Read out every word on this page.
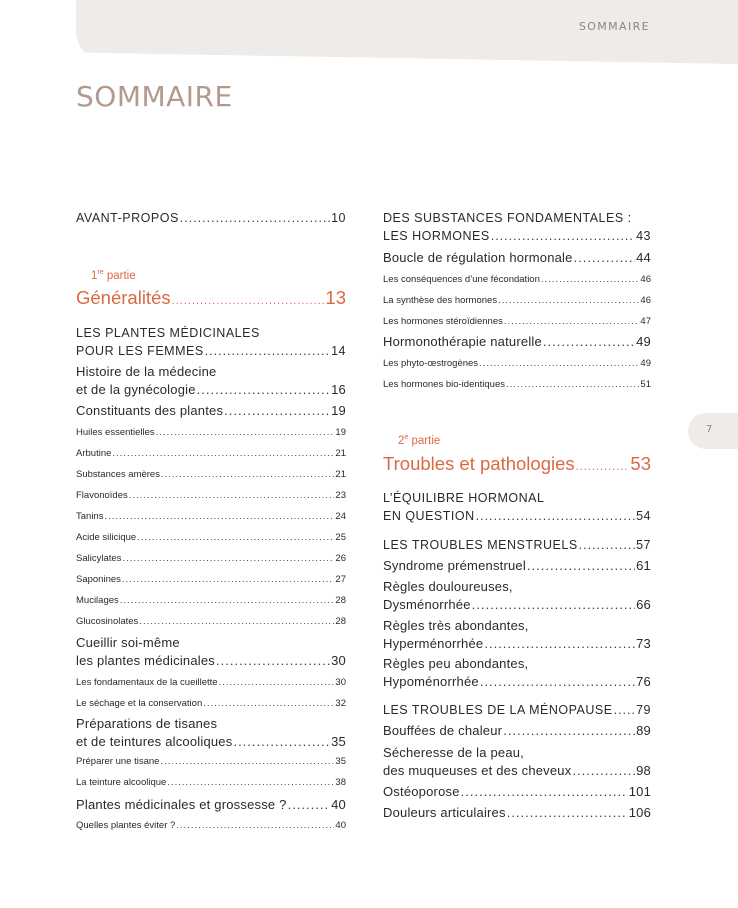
SOMMAIRE
SOMMAIRE
7
AVANT-PROPOS .....	10
1re partie
Généralités .....	13
LES PLANTES MÉDICINALES
POUR LES FEMMES .....	14
Histoire de la médecine
et de la gynécologie .....	16
Constituants des plantes .....	19
Huiles essentielles .....	19
Arbutine .....	21
Substances amères .....	21
Flavonoïdes .....	23
Tanins .....	24
Acide silicique .....	25
Salicylates .....	26
Saponines .....	27
Mucilages .....	28
Glucosinolates .....	28
Cueillir soi-même
les plantes médicinales .....	30
Les fondamentaux de la cueillette .....	30
Le séchage et la conservation .....	32
Préparations de tisanes
et de teintures alcooliques .....	35
Préparer une tisane .....	35
La teinture alcoolique .....	38
Plantes médicinales et grossesse ? .....	40
Quelles plantes éviter ? .....	40
DES SUBSTANCES FONDAMENTALES :
LES HORMONES .....	43
Boucle de régulation hormonale .....	44
Les conséquences d’une fécondation .....	46
La synthèse des hormones .....	46
Les hormones stéroïdiennes .....	47
Hormonothérapie naturelle .....	49
Les phyto-œstrogènes .....	49
Les hormones bio-identiques .....	51
2e partie
Troubles et pathologies .....	53
L’ÉQUILIBRE HORMONAL
EN QUESTION .....	54
LES TROUBLES MENSTRUELS .....	57
Syndrome prémenstruel .....	61
Règles douloureuses,
Dysménorrhée .....	66
Règles très abondantes,
Hyperménorrhée .....	73
Règles peu abondantes,
Hypoménorrhée .....	76
LES TROUBLES DE LA MÉNOPAUSE ..... 79
Bouffées de chaleur .....	89
Sécheresse de la peau,
des muqueuses et des cheveux .....	98
Ostéoporose .....	101
Douleurs articulaires .....	106
